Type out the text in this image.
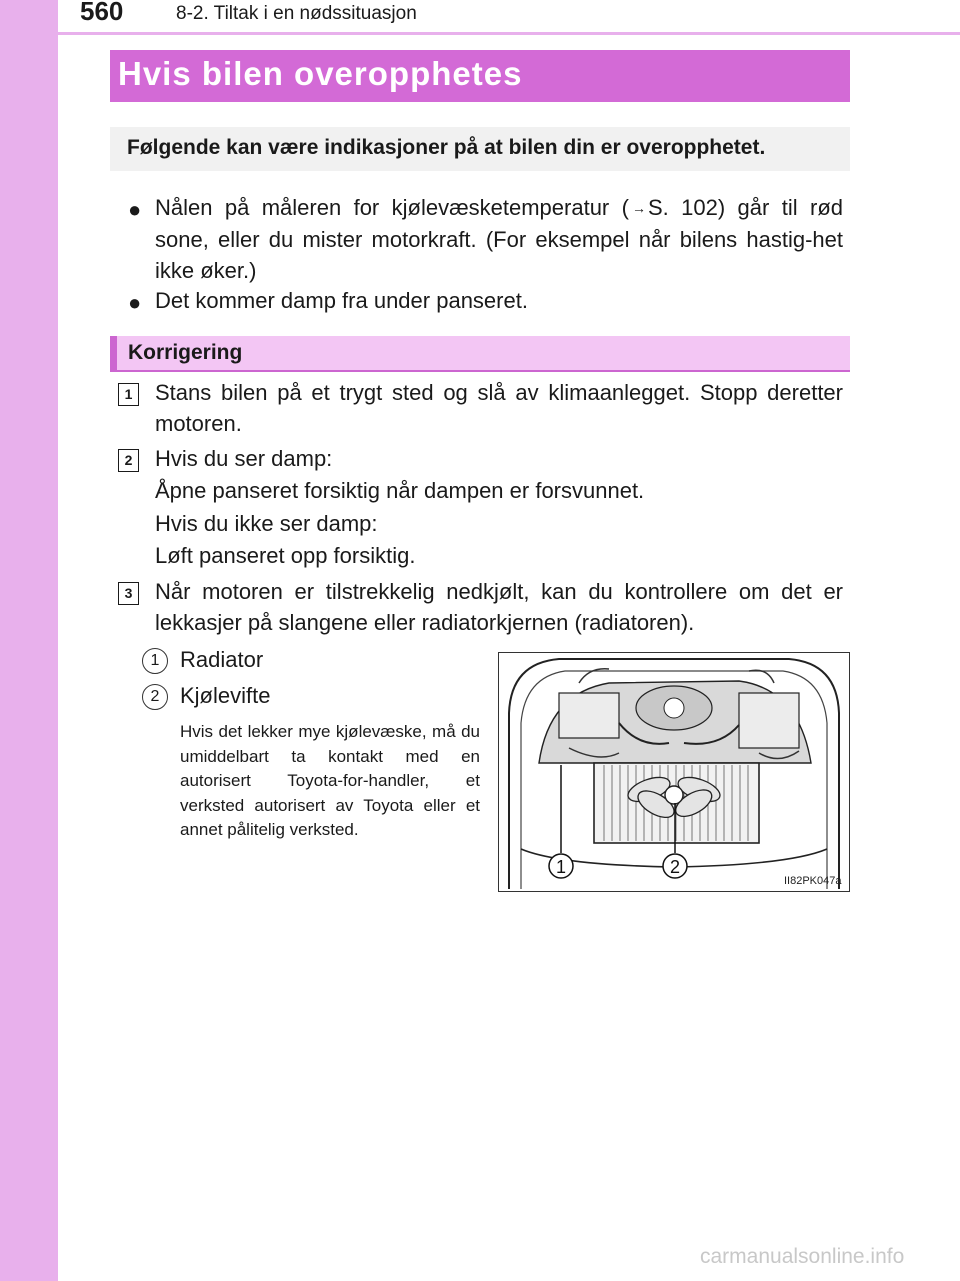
560	8-2. Tiltak i en nødssituasjon
Hvis bilen overopphetes
Følgende kan være indikasjoner på at bilen din er overopphetet.
● Nålen på måleren for kjølevæsketemperatur ( →S. 102) går til rød sone, eller du mister motorkraft. (For eksempel når bilens hastig-het ikke øker.)
● Det kommer damp fra under panseret.
Korrigering
1	Stans bilen på et trygt sted og slå av klimaanlegget. Stopp deretter motoren.
2	Hvis du ser damp:
Åpne panseret forsiktig når dampen er forsvunnet.
Hvis du ikke ser damp:
Løft panseret opp forsiktig.
3	Når motoren er tilstrekkelig nedkjølt, kan du kontrollere om det er lekkasjer på slangene eller radiatorkjernen (radiatoren).
1 Radiator
2 Kjølevifte
Hvis det lekker mye kjølevæske, må du umiddelbart ta kontakt med en autorisert Toyota-for-handler, et verksted autorisert av Toyota eller et annet pålitelig verksted.
1	2
II82PK047a
carmanualsonline.info
